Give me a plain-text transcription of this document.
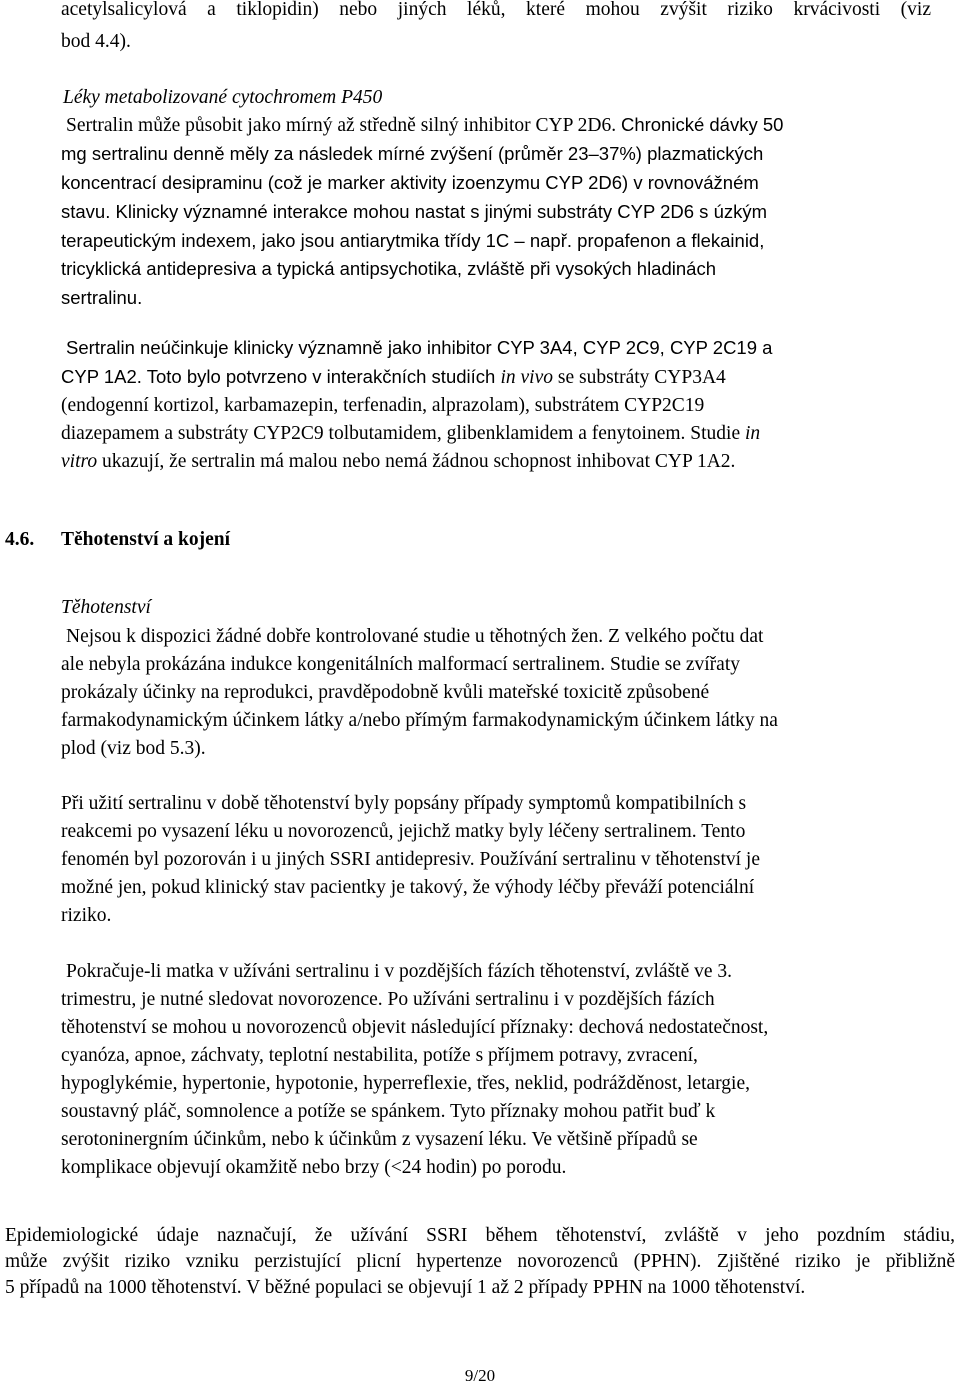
acetylsalicylová a tiklopidin) nebo jiných léků, které mohou zvýšit riziko krvácivosti (viz
bod 4.4).
Léky metabolizované cytochromem P450
Sertralin může působit jako mírný až středně silný inhibitor CYP 2D6. Chronické dávky 50
mg sertralinu denně měly za následek mírné zvýšení (průměr 23–37%) plazmatických
koncentrací desipraminu (což je marker aktivity izoenzymu CYP 2D6) v rovnovážném
stavu. Klinicky významné interakce mohou nastat s jinými substráty CYP 2D6 s úzkým
terapeutickým indexem, jako jsou antiarytmika třídy 1C – např. propafenon a flekainid,
tricyklická antidepresiva a typická antipsychotika, zvláště při vysokých hladinách
sertralinu.
Sertralin neúčinkuje klinicky významně jako inhibitor CYP 3A4, CYP 2C9, CYP 2C19 a
CYP 1A2. Toto bylo potvrzeno v interakčních studiích in vivo se substráty CYP3A4
(endogenní kortizol, karbamazepin, terfenadin, alprazolam), substrátem CYP2C19
diazepamem a substráty CYP2C9 tolbutamidem, glibenklamidem a fenytoinem. Studie in
vitro ukazují, že sertralin má malou nebo nemá žádnou schopnost inhibovat CYP 1A2.
4.6. Těhotenství a kojení
Těhotenství
Nejsou k dispozici žádné dobře kontrolované studie u těhotných žen. Z velkého počtu dat
ale nebyla prokázána indukce kongenitálních malformací sertralinem. Studie se zvířaty
prokázaly účinky na reprodukci, pravděpodobně kvůli mateřské toxicitě způsobené
farmakodynamickým účinkem látky a/nebo přímým farmakodynamickým účinkem látky na
plod (viz bod 5.3).
Při užití sertralinu v době těhotenství byly popsány případy symptomů kompatibilních s
reakcemi po vysazení léku u novorozenců, jejichž matky byly léčeny sertralinem. Tento
fenomén byl pozorován i u jiných SSRI antidepresiv. Používání sertralinu v těhotenství je
možné jen, pokud klinický stav pacientky je takový, že výhody léčby převáží potenciální
riziko.
Pokračuje-li matka v užíváni sertralinu i v pozdějších fázích těhotenství, zvláště ve 3.
trimestru, je nutné sledovat novorozence. Po užíváni sertralinu i v pozdějších fázích
těhotenství se mohou u novorozenců objevit následující příznaky: dechová nedostatečnost,
cyanóza, apnoe, záchvaty, teplotní nestabilita, potíže s příjmem potravy, zvracení,
hypoglykémie, hypertonie, hypotonie, hyperreflexie, třes, neklid, podrážděnost, letargie,
soustavný pláč, somnolence a potíže se spánkem. Tyto příznaky mohou patřit buď k
serotoninergním účinkům, nebo k účinkům z vysazení léku. Ve většině případů se
komplikace objevují okamžitě nebo brzy (<24 hodin) po porodu.
Epidemiologické údaje naznačují, že užívání SSRI během těhotenství, zvláště v jeho pozdním stádiu,
může zvýšit riziko vzniku perzistující plicní hypertenze novorozenců (PPHN). Zjištěné riziko je přibližně
5 případů na 1000 těhotenství. V běžné populaci se objevují 1 až 2 případy PPHN na 1000 těhotenství.
9/20
